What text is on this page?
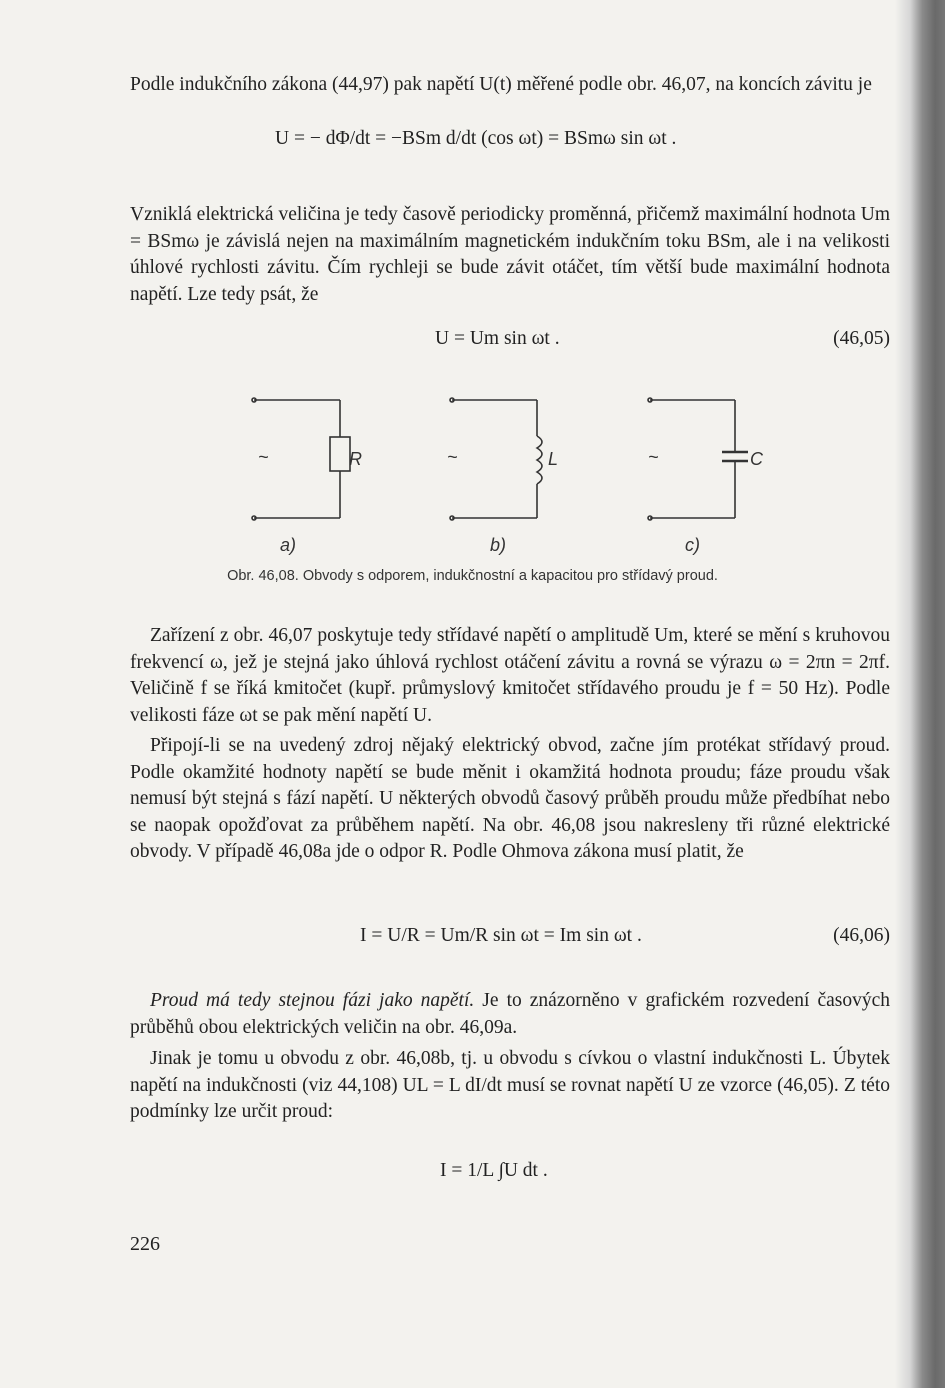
Podle indukčního zákona (44,97) pak napětí U(t) měřené podle obr. 46,07, na koncích závitu je
U = − dΦ/dt = −BSm d/dt (cos ωt) = BSmω sin ωt .
Vzniklá elektrická veličina je tedy časově periodicky proměnná, přičemž maximální hodnota Um = BSmω je závislá nejen na maximálním magnetickém indukčním toku BSm, ale i na velikosti úhlové rychlosti závitu. Čím rychleji se bude závit otáčet, tím větší bude maximální hodnota napětí. Lze tedy psát, že
U = Um sin ωt .	(46,05)
~	R
a)
~	L
b)
~	C
c)
Obr. 46,08. Obvody s odporem, indukčnostní a kapacitou pro střídavý proud.
Zařízení z obr. 46,07 poskytuje tedy střídavé napětí o amplitudě Um, které se mění s kruhovou frekvencí ω, jež je stejná jako úhlová rychlost otáčení závitu a rovná se výrazu ω = 2πn = 2πf. Veličině f se říká kmitočet (kupř. průmyslový kmitočet střídavého proudu je f = 50 Hz). Podle velikosti fáze ωt se pak mění napětí U.
Připojí-li se na uvedený zdroj nějaký elektrický obvod, začne jím protékat střídavý proud. Podle okamžité hodnoty napětí se bude měnit i okamžitá hodnota proudu; fáze proudu však nemusí být stejná s fází napětí. U některých obvodů časový průběh proudu může předbíhat nebo se naopak opožďovat za průběhem napětí. Na obr. 46,08 jsou nakresleny tři různé elektrické obvody. V případě 46,08a jde o odpor R. Podle Ohmova zákona musí platit, že
I = U/R = Um/R sin ωt = Im sin ωt .	(46,06)
Proud má tedy stejnou fázi jako napětí. Je to znázorněno v grafickém rozvedení časových průběhů obou elektrických veličin na obr. 46,09a.
Jinak je tomu u obvodu z obr. 46,08b, tj. u obvodu s cívkou o vlastní indukčnosti L. Úbytek napětí na indukčnosti (viz 44,108) UL = L dI/dt musí se rovnat napětí U ze vzorce (46,05). Z této podmínky lze určit proud:
I = 1/L ∫U dt .
226
